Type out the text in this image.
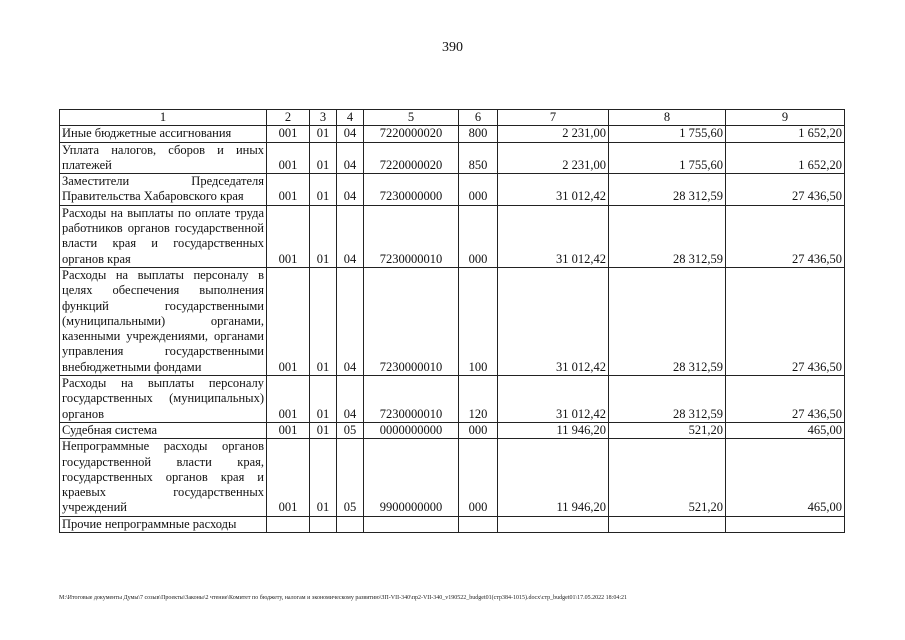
390
1	2	3	4	5	6	7	8	9
Иные бюджетные ассигнования	001	01	04	7220000020	800	2 231,00	1 755,60	1 652,20
Уплата налогов, сборов и иных платежей	001	01	04	7220000020	850	2 231,00	1 755,60	1 652,20
Заместители Председателя Правительства Хабаровского края	001	01	04	7230000000	000	31 012,42	28 312,59	27 436,50
Расходы на выплаты по оплате труда работников органов государственной власти края и государственных органов края	001	01	04	7230000010	000	31 012,42	28 312,59	27 436,50
Расходы на выплаты персоналу в целях обеспечения выполнения функций государственными (муниципальными) органами, казенными учреждениями, органами управления государственными внебюджетными фондами	001	01	04	7230000010	100	31 012,42	28 312,59	27 436,50
Расходы на выплаты персоналу государственных (муниципальных) органов	001	01	04	7230000010	120	31 012,42	28 312,59	27 436,50
Судебная система	001	01	05	0000000000	000	11 946,20	521,20	465,00
Непрограммные расходы органов государственной власти края, государственных органов края и краевых государственных учреждений	001	01	05	9900000000	000	11 946,20	521,20	465,00
Прочие непрограммные расходы								
M:\Итоговые документы Думы\7 созыв\Проекты\Законы\2 чтение\Комитет по бюджету, налогам и экономическому развитию\ЗП-VII-340\пр2-VII-340_v190522_budget01(стр384-1015).docx\стр_budget01\17.05.2022 18:04:21
